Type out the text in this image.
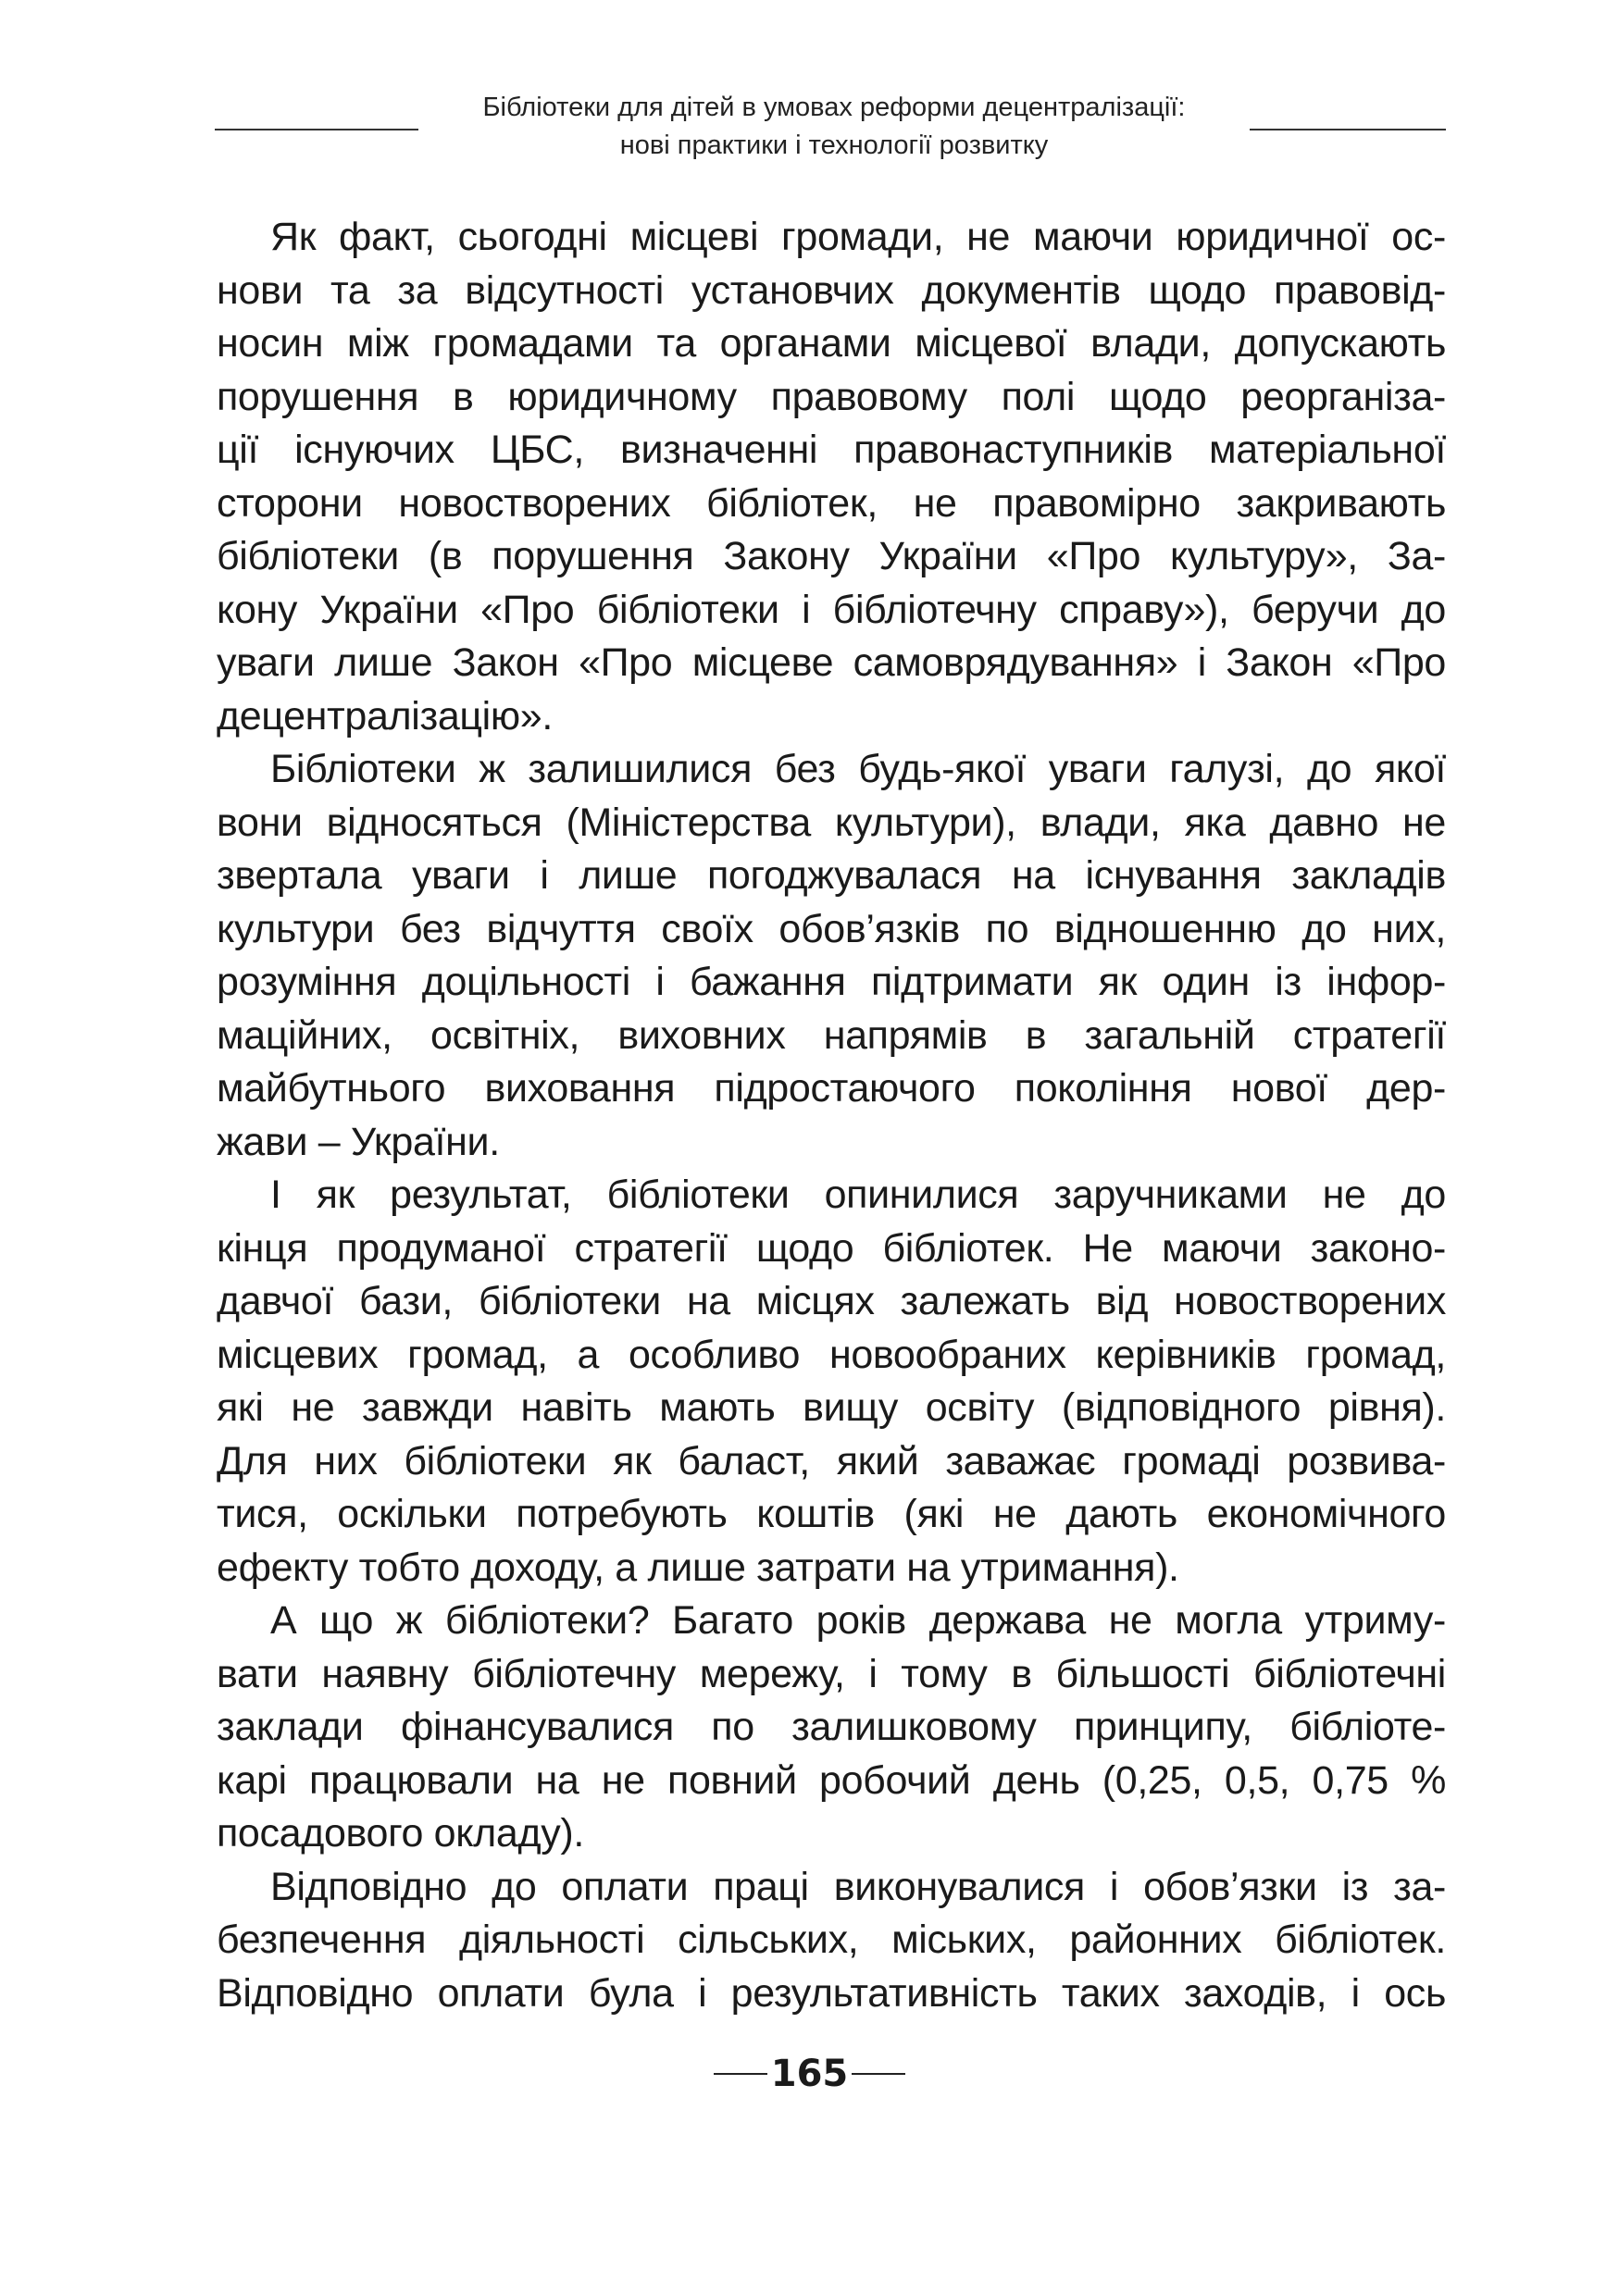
Бібліотеки для дітей в умовах реформи децентралізації:
нові практики і технології розвитку
Як факт, сьогодні місцеві громади, не маючи юридичної ос-
нови та за відсутності установчих документів щодо правовід-
носин між громадами та органами місцевої влади, допускають
порушення в юридичному правовому полі щодо реорганіза-
ції існуючих ЦБС, визначенні правонаступників матеріальної
сторони новостворених бібліотек, не правомірно закривають
бібліотеки (в порушення Закону України «Про культуру», За-
кону України «Про бібліотеки і бібліотечну справу»), беручи до
уваги лише Закон «Про місцеве самоврядування» і Закон «Про
децентралізацію».
Бібліотеки ж залишилися без будь-якої уваги галузі, до якої
вони відносяться (Міністерства культури), влади, яка давно не
звертала уваги і лише погоджувалася на існування закладів
культури без відчуття своїх обов’язків по відношенню до них,
розуміння доцільності і бажання підтримати як один із інфор-
маційних, освітніх, виховних напрямів в загальній стратегії
майбутнього виховання підростаючого покоління нової дер-
жави – України.
І як результат, бібліотеки опинилися заручниками не до
кінця продуманої стратегії щодо бібліотек. Не маючи законо-
давчої бази, бібліотеки на місцях залежать від новостворених
місцевих громад, а особливо новообраних керівників громад,
які не завжди навіть мають вищу освіту (відповідного рівня).
Для них бібліотеки як баласт, який заважає громаді розвива-
тися, оскільки потребують коштів (які не дають економічного
ефекту тобто доходу, а лише затрати на утримання).
А що ж бібліотеки? Багато років держава не могла утриму-
вати наявну бібліотечну мережу, і тому в більшості бібліотечні
заклади фінансувалися по залишковому принципу, бібліоте-
карі працювали на не повний робочий день (0,25, 0,5, 0,75 %
посадового окладу).
Відповідно до оплати праці виконувалися і обов’язки із за-
безпечення діяльності сільських, міських, районних бібліотек.
Відповідно оплати була і результативність таких заходів, і ось
165
